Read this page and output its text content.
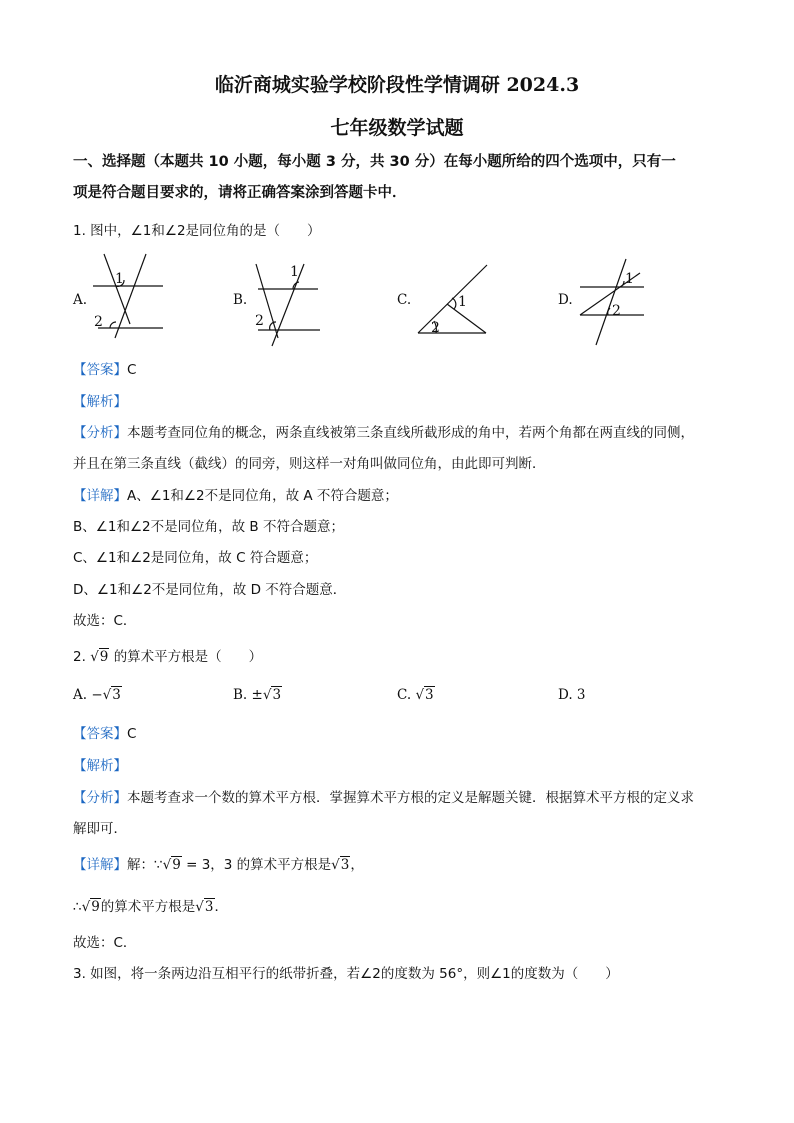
临沂商城实验学校阶段性学情调研 2024.3
七年级数学试题
一、选择题（本题共 10 小题，每小题 3 分，共 30 分）在每小题所给的四个选项中，只有一
项是符合题目要求的，请将正确答案涂到答题卡中．
1. 图中，∠1和∠2是同位角的是（　　）
A.	B.	C.	D.
1
2
1
2
1
2
1
2
【答案】C
【解析】
【分析】本题考查同位角的概念，两条直线被第三条直线所截形成的角中，若两个角都在两直线的同侧，
并且在第三条直线（截线）的同旁，则这样一对角叫做同位角，由此即可判断．
【详解】A、∠1和∠2不是同位角，故 A 不符合题意；
B、∠1和∠2不是同位角，故 B 不符合题意；
C、∠1和∠2是同位角，故 C 符合题意；
D、∠1和∠2不是同位角，故 D 不符合题意．
故选：C．
2. √9 的算术平方根是（　　）
A. −√3	B. ±√3	C. √3	D. 3
【答案】C
【解析】
【分析】本题考查求一个数的算术平方根．掌握算术平方根的定义是解题关键．根据算术平方根的定义求
解即可．
【详解】解：∵√9 = 3，3 的算术平方根是√3，
∴√9的算术平方根是√3．
故选：C．
3. 如图，将一条两边沿互相平行的纸带折叠，若∠2的度数为 56°，则∠1的度数为（　　）
